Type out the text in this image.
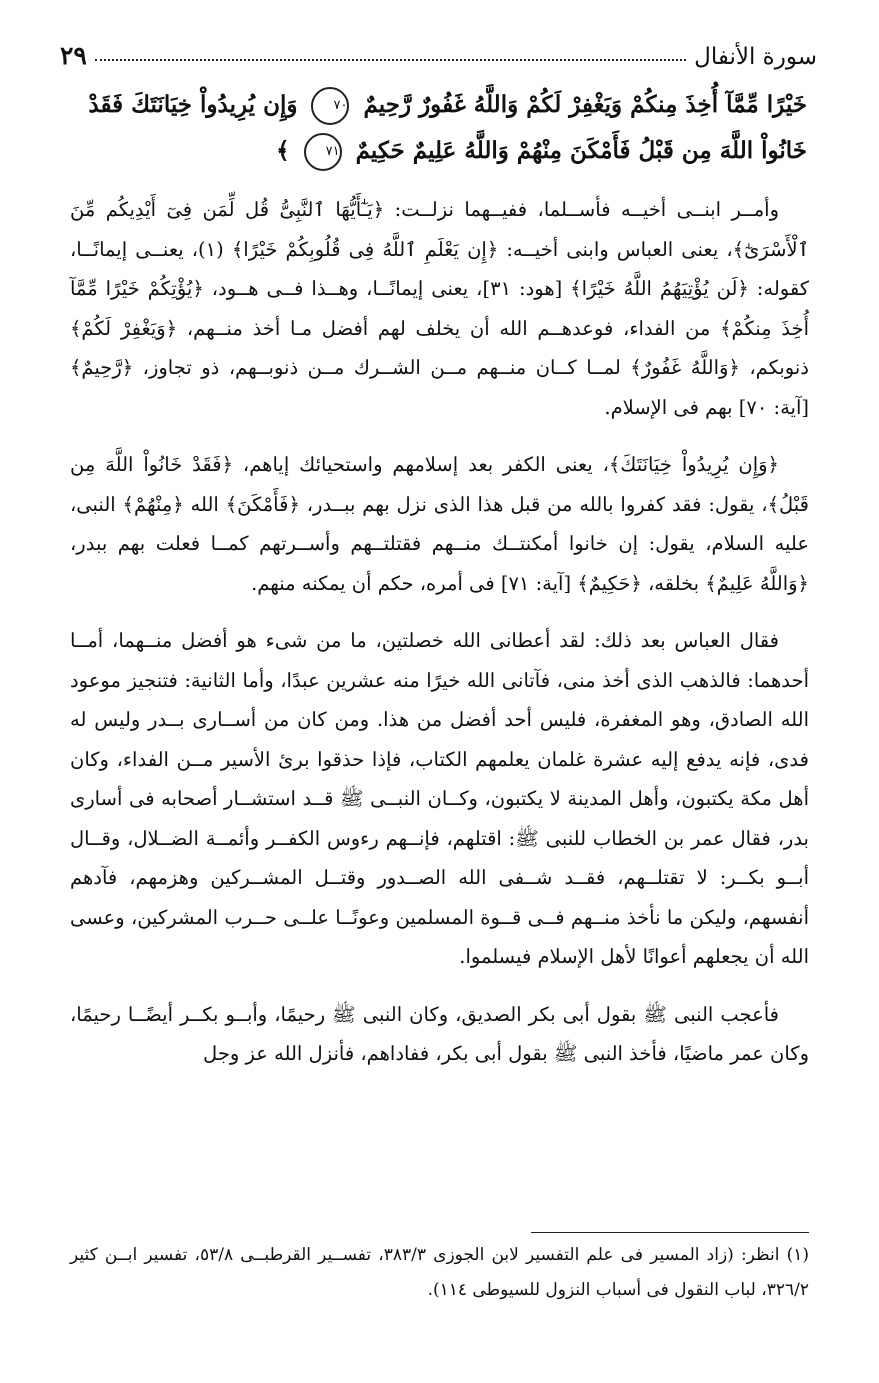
سورة الأنفال
٢٩

خَيْرًا مِّمَّآ أُخِذَ مِنكُمْ وَيَغْفِرْ لَكُمْ وَاللَّهُ غَفُورٌ رَّحِيمٌ ٧٠ وَإِن يُرِيدُواْ خِيَانَتَكَ فَقَدْ

خَانُواْ اللَّهَ مِن قَبْلُ فَأَمْكَنَ مِنْهُمْ وَاللَّهُ عَلِيمٌ حَكِيمٌ ٧١ ﴾

وأمــر ابنــى أخيــه فأســلما، ففيــهما نزلــت: ﴿يَـٰٓأَيُّهَا ٱلنَّبِىُّ قُل لِّمَن فِىٓ أَيْدِيكُم مِّنَ ٱلْأَسْرَىٰٓ﴾، يعنى العباس وابنى أخيــه: ﴿إِن يَعْلَمِ ٱللَّهُ فِى قُلُوبِكُمْ خَيْرًا﴾ (١)، يعنــى إيمانًــا، كقوله: ﴿لَن يُؤْتِيَهُمُ اللَّهُ خَيْرًا﴾ [هود: ٣١]، يعنى إيمانًــا، وهــذا فــى هــود، ﴿يُؤْتِكُمْ خَيْرًا مِّمَّآ أُخِذَ مِنكُمْ﴾ من الفداء، فوعدهــم الله أن يخلف لهم أفضل مـا أخذ منــهم، ﴿وَيَغْفِرْ لَكُمْ﴾ ذنوبكم، ﴿وَاللَّهُ غَفُورٌ﴾ لمــا كــان منــهم مــن الشــرك مــن ذنوبــهم، ذو تجاوز، ﴿رَّحِيمٌ﴾ [آية: ٧٠] بهم فى الإسلام.

﴿وَإِن يُرِيدُواْ خِيَانَتَكَ﴾، يعنى الكفر بعد إسلامهم واستحيائك إياهم، ﴿فَقَدْ خَانُواْ اللَّهَ مِن قَبْلُ﴾، يقول: فقد كفروا بالله من قبل هذا الذى نزل بهم ببــدر، ﴿فَأَمْكَنَ﴾ الله ﴿مِنْهُمْ﴾ النبى، عليه السلام، يقول: إن خانوا أمكنتــك منــهم فقتلتــهم وأســرتهم كمــا فعلت بهم ببدر، ﴿وَاللَّهُ عَلِيمٌ﴾ بخلقه، ﴿حَكِيمٌ﴾ [آية: ٧١] فى أمره، حكم أن يمكنه منهم.

فقال العباس بعد ذلك: لقد أعطانى الله خصلتين، ما من شىء هو أفضل منــهما، أمــا أحدهما: فالذهب الذى أخذ منى، فآتانى الله خيرًا منه عشرين عبدًا، وأما الثانية: فتنجيز موعود الله الصادق، وهو المغفرة، فليس أحد أفضل من هذا. ومن كان من أســارى بــدر وليس له فدى، فإنه يدفع إليه عشرة غلمان يعلمهم الكتاب، فإذا حذقوا برئ الأسير مــن الفداء، وكان أهل مكة يكتبون، وأهل المدينة لا يكتبون، وكــان النبــى ﷺ قــد استشــار أصحابه فى أسارى بدر، فقال عمر بن الخطاب للنبى ﷺ: اقتلهم، فإنــهم رءوس الكفــر وأئمــة الضــلال، وقــال أبــو بكــر: لا تقتلــهم، فقــد شــفى الله الصــدور وقتــل المشــركين وهزمهم، فآدهم أنفسهم، وليكن ما نأخذ منــهم فــى قــوة المسلمين وعونًــا علــى حــرب المشركين، وعسى الله أن يجعلهم أعوانًا لأهل الإسلام فيسلموا.

فأعجب النبى ﷺ بقول أبى بكر الصديق، وكان النبى ﷺ رحيمًا، وأبــو بكــر أيضًــا رحيمًا، وكان عمر ماضيًا، فأخذ النبى ﷺ بقول أبى بكر، ففاداهم، فأنزل الله عز وجل

(١) انظر: (زاد المسير فى علم التفسير لابن الجوزى ٣٨٣/٣، تفســير القرطبــى ٥٣/٨، تفسير ابــن كثير ٣٢٦/٢، لباب النقول فى أسباب النزول للسيوطى ١١٤).
